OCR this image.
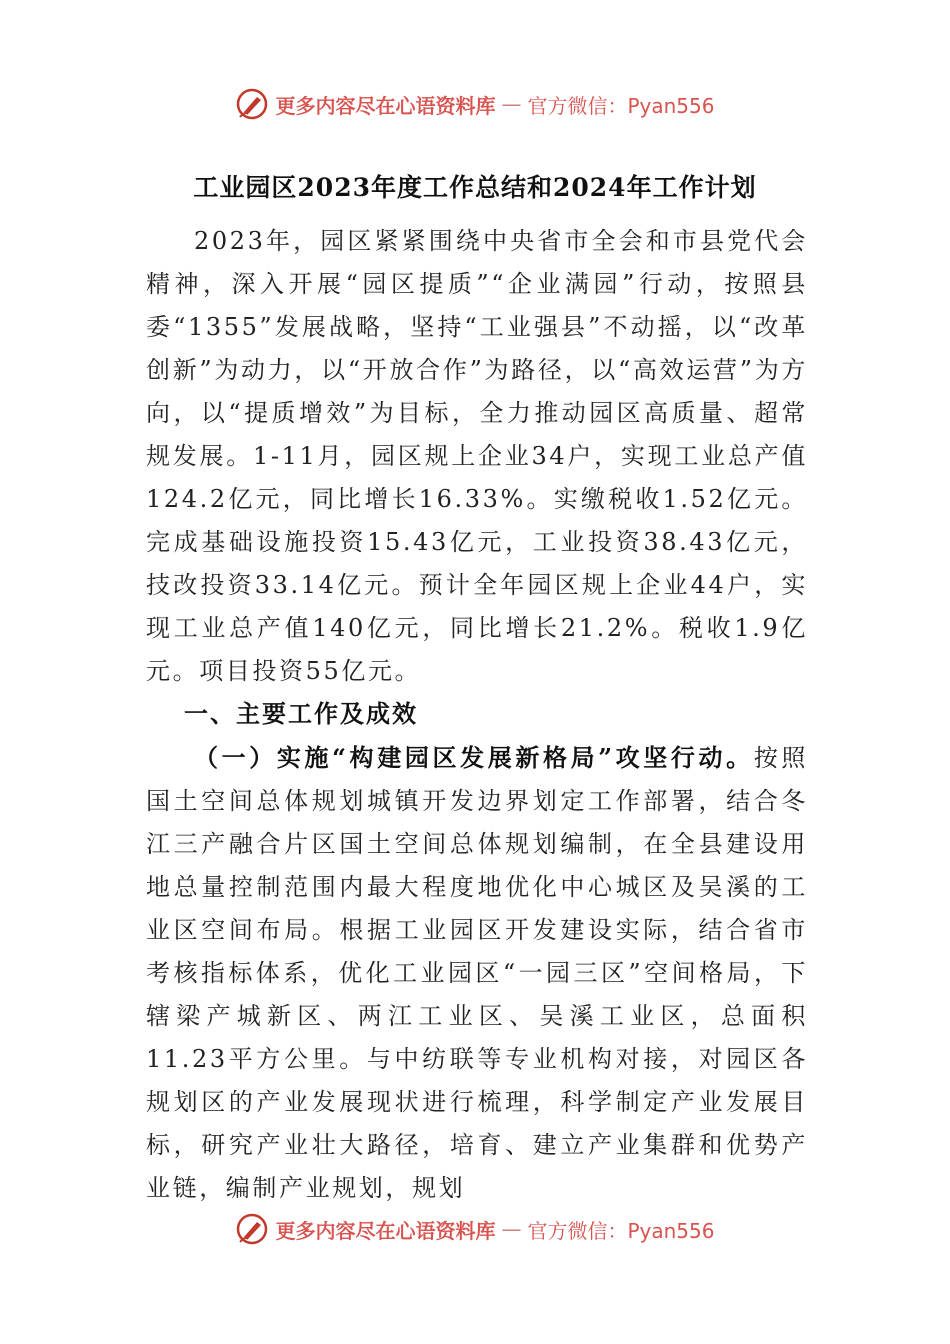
更多内容尽在心语资料库 — 官方微信：Pyan556
工业园区2023年度工作总结和2024年工作计划

2023年，园区紧紧围绕中央省市全会和市县党代会精神，深入开展“园区提质”“企业满园”行动，按照县委“1355”发展战略，坚持“工业强县”不动摇，以“改革创新”为动力，以“开放合作”为路径，以“高效运营”为方向，以“提质增效”为目标，全力推动园区高质量、超常规发展。1-11月，园区规上企业34户，实现工业总产值124.2亿元，同比增长16.33%。实缴税收1.52亿元。完成基础设施投资15.43亿元，工业投资38.43亿元，技改投资33.14亿元。预计全年园区规上企业44户，实现工业总产值140亿元，同比增长21.2%。税收1.9亿元。项目投资55亿元。

一、主要工作及成效

（一）实施“构建园区发展新格局”攻坚行动。按照国土空间总体规划城镇开发边界划定工作部署，结合冬江三产融合片区国土空间总体规划编制，在全县建设用地总量控制范围内最大程度地优化中心城区及吴溪的工业区空间布局。根据工业园区开发建设实际，结合省市考核指标体系，优化工业园区“一园三区”空间格局，下辖梁产城新区、两江工业区、吴溪工业区，总面积11.23平方公里。与中纺联等专业机构对接，对园区各规划区的产业发展现状进行梳理，科学制定产业发展目标，研究产业壮大路径，培育、建立产业集群和优势产业链，编制产业规划，规划

更多内容尽在心语资料库 — 官方微信：Pyan556
